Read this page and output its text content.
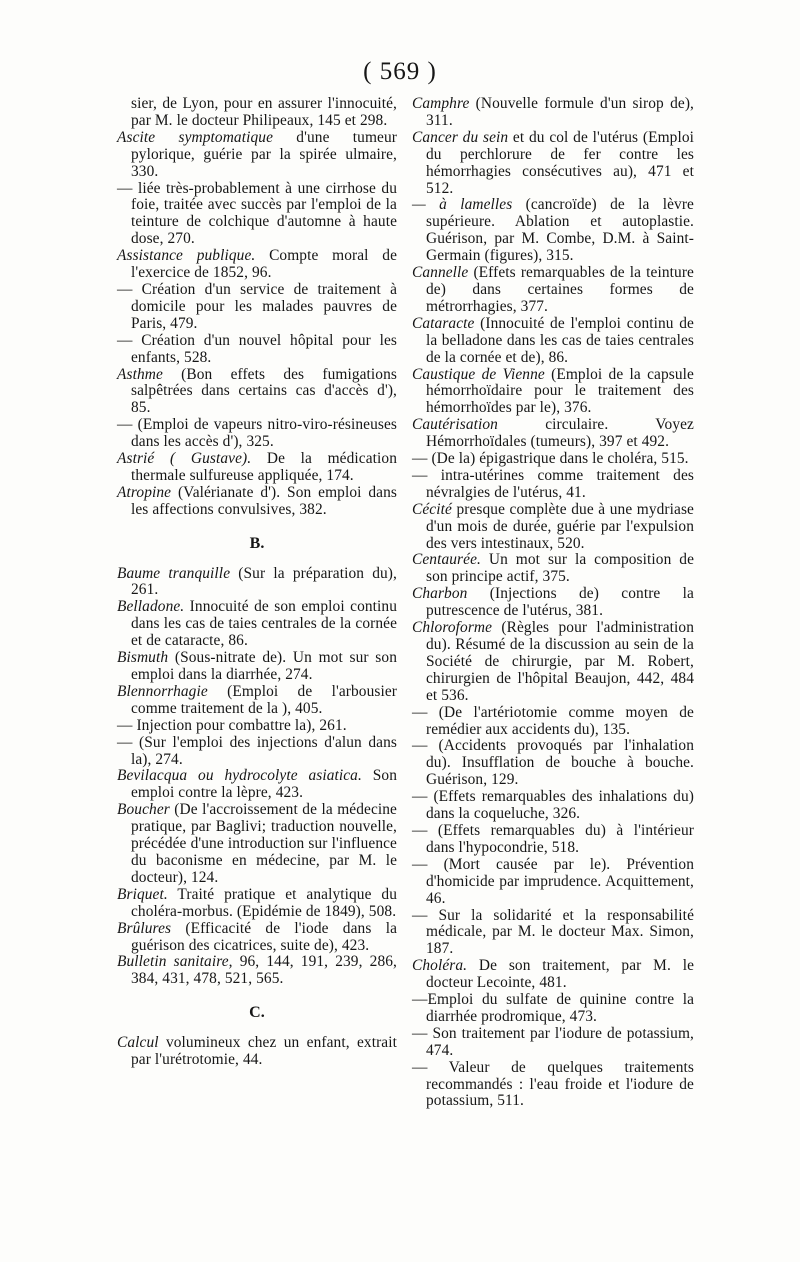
( 569 )

sier, de Lyon, pour en assurer l'innocuité, par M. le docteur Philipeaux, 145 et 298.

Ascite symptomatique d'une tumeur pylorique, guérie par la spirée ulmaire, 330.

— liée très-probablement à une cirrhose du foie, traitée avec succès par l'emploi de la teinture de colchique d'automne à haute dose, 270.

Assistance publique. Compte moral de l'exercice de 1852, 96.

— Création d'un service de traitement à domicile pour les malades pauvres de Paris, 479.

— Création d'un nouvel hôpital pour les enfants, 528.

Asthme (Bon effets des fumigations salpêtrées dans certains cas d'accès d'), 85.

— (Emploi de vapeurs nitro-viro-résineuses dans les accès d'), 325.

Astrié ( Gustave). De la médication thermale sulfureuse appliquée, 174.

Atropine (Valérianate d'). Son emploi dans les affections convulsives, 382.

B.

Baume tranquille (Sur la préparation du), 261.

Belladone. Innocuité de son emploi continu dans les cas de taies centrales de la cornée et de cataracte, 86.

Bismuth (Sous-nitrate de). Un mot sur son emploi dans la diarrhée, 274.

Blennorrhagie (Emploi de l'arbousier comme traitement de la ), 405.

— Injection pour combattre la), 261.

— (Sur l'emploi des injections d'alun dans la), 274.

Bevilacqua ou hydrocolyte asiatica. Son emploi contre la lèpre, 423.

Boucher (De l'accroissement de la médecine pratique, par Baglivi; traduction nouvelle, précédée d'une introduction sur l'influence du baconisme en médecine, par M. le docteur), 124.

Briquet. Traité pratique et analytique du choléra-morbus. (Epidémie de 1849), 508.

Brûlures (Efficacité de l'iode dans la guérison des cicatrices, suite de), 423.

Bulletin sanitaire, 96, 144, 191, 239, 286, 384, 431, 478, 521, 565.

C.

Calcul volumineux chez un enfant, extrait par l'urétrotomie, 44.

Camphre (Nouvelle formule d'un sirop de), 311.

Cancer du sein et du col de l'utérus (Emploi du perchlorure de fer contre les hémorrhagies consécutives au), 471 et 512.

— à lamelles (cancroïde) de la lèvre supérieure. Ablation et autoplastie. Guérison, par M. Combe, D.M. à Saint-Germain (figures), 315.

Cannelle (Effets remarquables de la teinture de) dans certaines formes de métrorrhagies, 377.

Cataracte (Innocuité de l'emploi continu de la belladone dans les cas de taies centrales de la cornée et de), 86.

Caustique de Vienne (Emploi de la capsule hémorrhoïdaire pour le traitement des hémorrhoïdes par le), 376.

Cautérisation circulaire. Voyez Hémorrhoïdales (tumeurs), 397 et 492.

— (De la) épigastrique dans le choléra, 515.

— intra-utérines comme traitement des névralgies de l'utérus, 41.

Cécité presque complète due à une mydriase d'un mois de durée, guérie par l'expulsion des vers intestinaux, 520.

Centaurée. Un mot sur la composition de son principe actif, 375.

Charbon (Injections de) contre la putrescence de l'utérus, 381.

Chloroforme (Règles pour l'administration du). Résumé de la discussion au sein de la Société de chirurgie, par M. Robert, chirurgien de l'hôpital Beaujon, 442, 484 et 536.

— (De l'artériotomie comme moyen de remédier aux accidents du), 135.

— (Accidents provoqués par l'inhalation du). Insufflation de bouche à bouche. Guérison, 129.

— (Effets remarquables des inhalations du) dans la coqueluche, 326.

— (Effets remarquables du) à l'intérieur dans l'hypocondrie, 518.

— (Mort causée par le). Prévention d'homicide par imprudence. Acquittement, 46.

— Sur la solidarité et la responsabilité médicale, par M. le docteur Max. Simon, 187.

Choléra. De son traitement, par M. le docteur Lecointe, 481.

—Emploi du sulfate de quinine contre la diarrhée prodromique, 473.

— Son traitement par l'iodure de potassium, 474.

— Valeur de quelques traitements recommandés : l'eau froide et l'iodure de potassium, 511.
